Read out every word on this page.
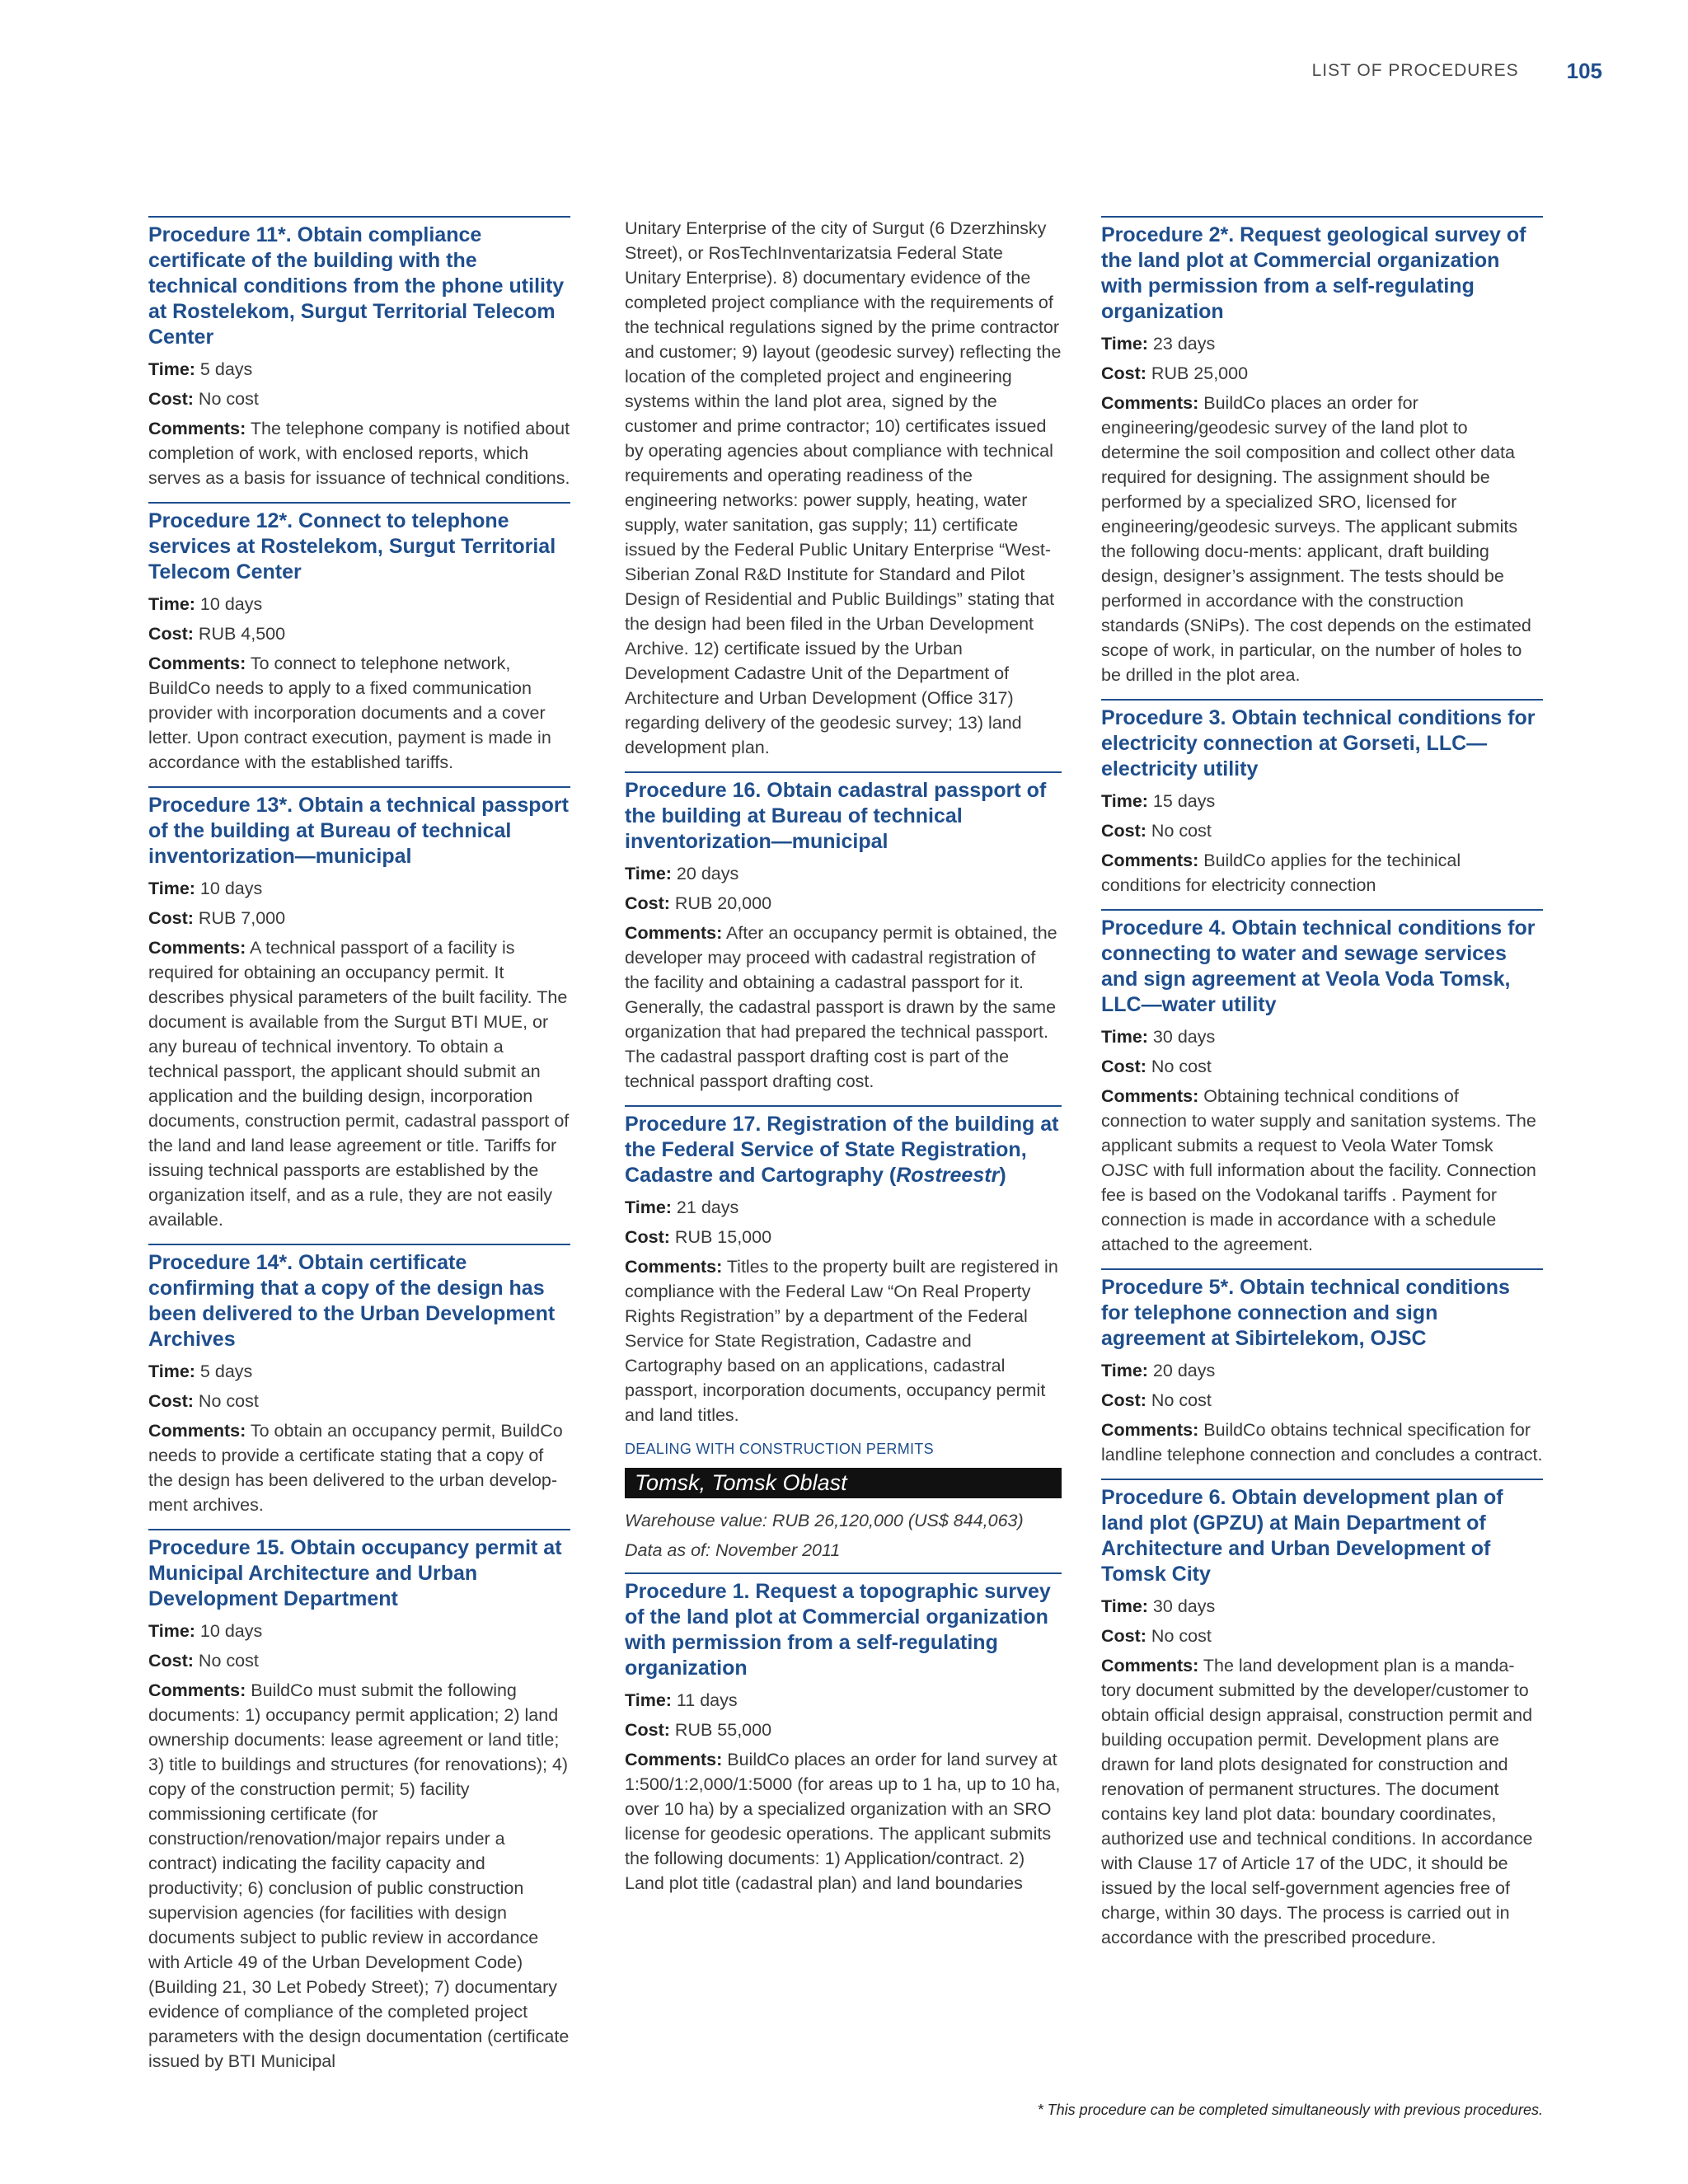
LIST OF PROCEDURES 105
Procedure 11*. Obtain compliance certificate of the building with the technical conditions from the phone utility at Rostelekom, Surgut Territorial Telecom Center
Time: 5 days
Cost: No cost

Comments: The telephone company is notified about completion of work, with enclosed reports, which serves as a basis for issuance of technical conditions.

Procedure 12*. Connect to telephone services at Rostelekom, Surgut Territorial Telecom Center
Time: 10 days
Cost: RUB 4,500

Comments: To connect to telephone network, BuildCo needs to apply to a fixed communication provider with incorporation documents and a cover letter. Upon contract execution, payment is made in accordance with the established tariffs.

Procedure 13*. Obtain a technical passport of the building at Bureau of technical inventorization—municipal
Time: 10 days
Cost: RUB 7,000

Comments: A technical passport of a facility is required for obtaining an occupancy permit. It describes physical parameters of the built facility. The document is available from the Surgut BTI MUE, or any bureau of technical inventory. To obtain a technical passport, the applicant should submit an application and the building design, incorporation documents, construction permit, cadastral passport of the land and land lease agreement or title. Tariffs for issuing technical passports are established by the organization itself, and as a rule, they are not easily available.

Procedure 14*. Obtain certificate confirming that a copy of the design has been delivered to the Urban Development Archives
Time: 5 days
Cost: No cost

Comments: To obtain an occupancy permit, BuildCo needs to provide a certificate stating that a copy of the design has been delivered to the urban develop-ment archives.

Procedure 15. Obtain occupancy permit at Municipal Architecture and Urban Development Department
Time: 10 days
Cost: No cost

Comments: BuildCo must submit the following documents: 1) occupancy permit application; 2) land ownership documents: lease agreement or land title; 3) title to buildings and structures (for renovations); 4) copy of the construction permit; 5) facility commissioning certificate (for construction/renovation/major repairs under a contract) indicating the facility capacity and productivity; 6) conclusion of public construction supervision agencies (for facilities with design documents subject to public review in accordance with Article 49 of the Urban Development Code) (Building 21, 30 Let Pobedy Street); 7) documentary evidence of compliance of the completed project parameters with the design documentation (certificate issued by BTI Municipal

Unitary Enterprise of the city of Surgut (6 Dzerzhinsky Street), or RosTechInventarizatsia Federal State Unitary Enterprise). 8) documentary evidence of the completed project compliance with the requirements of the technical regulations signed by the prime contractor and customer; 9) layout (geodesic survey) reflecting the location of the completed project and engineering systems within the land plot area, signed by the customer and prime contractor; 10) certificates issued by operating agencies about compliance with technical requirements and operating readiness of the engineering networks: power supply, heating, water supply, water sanitation, gas supply; 11) certificate issued by the Federal Public Unitary Enterprise “West-Siberian Zonal R&D Institute for Standard and Pilot Design of Residential and Public Buildings” stating that the design had been filed in the Urban Development Archive. 12) certificate issued by the Urban Development Cadastre Unit of the Department of Architecture and Urban Development (Office 317) regarding delivery of the geodesic survey; 13) land development plan.

Procedure 16. Obtain cadastral passport of the building at Bureau of technical inventorization—municipal
Time: 20 days
Cost: RUB 20,000

Comments: After an occupancy permit is obtained, the developer may proceed with cadastral registration of the facility and obtaining a cadastral passport for it. Generally, the cadastral passport is drawn by the same organization that had prepared the technical passport. The cadastral passport drafting cost is part of the technical passport drafting cost.

Procedure 17. Registration of the building at the Federal Service of State Registration, Cadastre and Cartography (Rostreestr)
Time: 21 days
Cost: RUB 15,000

Comments: Titles to the property built are registered in compliance with the Federal Law “On Real Property Rights Registration” by a department of the Federal Service for State Registration, Cadastre and Cartography based on an applications, cadastral passport, incorporation documents, occupancy permit and land titles.

DEALING WITH CONSTRUCTION PERMITS
Tomsk, Tomsk Oblast
Warehouse value: RUB 26,120,000 (US$ 844,063)
Data as of: November 2011
Procedure 1. Request a topographic survey of the land plot at Commercial organization with permission from a self-regulating organization
Time: 11 days
Cost: RUB 55,000

Comments: BuildCo places an order for land survey at 1:500/1:2,000/1:5000 (for areas up to 1 ha, up to 10 ha, over 10 ha) by a specialized organization with an SRO license for geodesic operations. The applicant submits the following documents: 1) Application/contract. 2) Land plot title (cadastral plan) and land boundaries

Procedure 2*. Request geological survey of the land plot at Commercial organization with permission from a self-regulating organization
Time: 23 days
Cost: RUB 25,000

Comments: BuildCo places an order for engineering/geodesic survey of the land plot to determine the soil composition and collect other data required for designing. The assignment should be performed by a specialized SRO, licensed for engineering/geodesic surveys. The applicant submits the following docu-ments: applicant, draft building design, designer’s assignment. The tests should be performed in accordance with the construction standards (SNiPs). The cost depends on the estimated scope of work, in particular, on the number of holes to be drilled in the plot area.

Procedure 3. Obtain technical conditions for electricity connection at Gorseti, LLC—electricity utility
Time: 15 days
Cost: No cost

Comments: BuildCo applies for the techinical conditions for electricity connection

Procedure 4. Obtain technical conditions for connecting to water and sewage services and sign agreement at Veola Voda Tomsk, LLC—water utility
Time: 30 days
Cost: No cost

Comments: Obtaining technical conditions of connection to water supply and sanitation systems. The applicant submits a request to Veola Water Tomsk OJSC with full information about the facility. Connection fee is based on the Vodokanal tariffs . Payment for connection is made in accordance with a schedule attached to the agreement.

Procedure 5*. Obtain technical conditions for telephone connection and sign agreement at Sibirtelekom, OJSC
Time: 20 days
Cost: No cost

Comments: BuildCo obtains technical specification for landline telephone connection and concludes a contract.

Procedure 6. Obtain development plan of land plot (GPZU) at Main Department of Architecture and Urban Development of Tomsk City
Time: 30 days
Cost: No cost

Comments: The land development plan is a manda-tory document submitted by the developer/customer to obtain official design appraisal, construction permit and building occupation permit. Development plans are drawn for land plots designated for construction and renovation of permanent structures. The document contains key land plot data: boundary coordinates, authorized use and technical conditions. In accordance with Clause 17 of Article 17 of the UDC, it should be issued by the local self-government agencies free of charge, within 30 days. The process is carried out in accordance with the prescribed procedure.

* This procedure can be completed simultaneously with previous procedures.
